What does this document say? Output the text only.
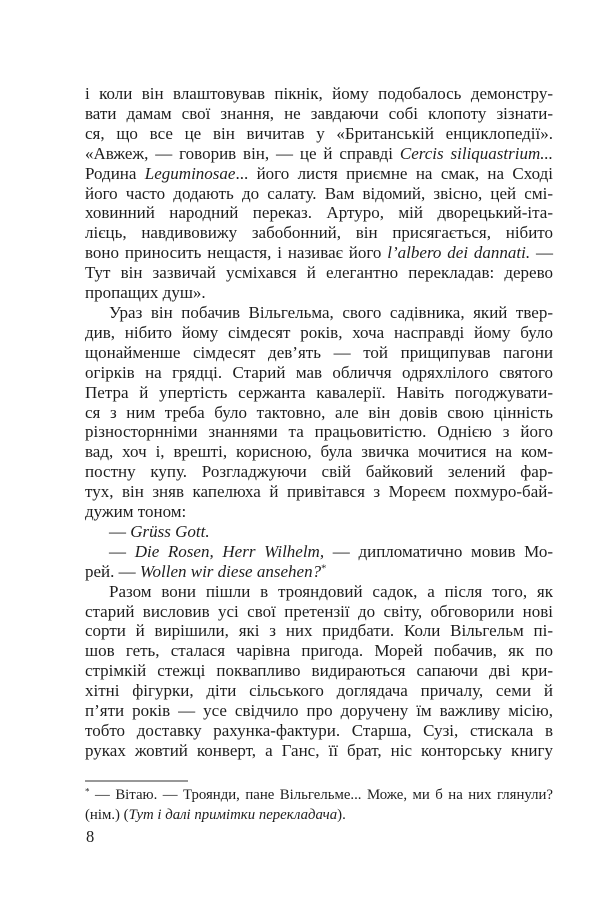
і коли він влаштовував пікнік, йому подобалось демонстру-
вати дамам свої знання, не завдаючи собі клопоту зізнати-
ся, що все це він вичитав у «Британській енциклопедії».
«Авжеж, — говорив він, — це й справді Cercis siliquastrium...
Родина Leguminosae... його листя приємне на смак, на Сході
його часто додають до салату. Вам відомий, звісно, цей смі-
ховинний народний переказ. Артуро, мій дворецький-іта-
лієць, навдивовижу забобонний, він присягається, нібито
воно приносить нещастя, і називає його l’albero dei dannati. —
Тут він зазвичай усміхався й елегантно перекладав: дерево
пропащих душ».
Ураз він побачив Вільгельма, свого садівника, який твер-
див, нібито йому сімдесят років, хоча насправді йому було
щонайменше сімдесят дев’ять — той прищипував пагони
огірків на грядці. Старий мав обличчя одряхлілого святого
Петра й упертість сержанта кавалерії. Навіть погоджувати-
ся з ним треба було тактовно, але він довів свою цінність
різносторнніми знаннями та працьовитістю. Однією з його
вад, хоч і, врешті, корисною, була звичка мочитися на ком-
постну купу. Розгладжуючи свій байковий зелений фар-
тух, він зняв капелюха й привітався з Мореєм похмуро-бай-
дужим тоном:
— Grüss Gott.
— Die Rosen, Herr Wilhelm, — дипломатично мовив Мо-
рей. — Wollen wir diese ansehen?*
Разом вони пішли в трояндовий садок, а після того, як
старий висловив усі свої претензії до світу, обговорили нові
сорти й вирішили, які з них придбати. Коли Вільгельм пі-
шов геть, сталася чарівна пригода. Морей побачив, як по
стрімкій стежці поквапливо видираються сапаючи дві кри-
хітні фігурки, діти сільського доглядача причалу, семи й
п’яти років — усе свідчило про доручену їм важливу місію,
тобто доставку рахунка-фактури. Старша, Сузі, стискала в
руках жовтий конверт, а Ганс, її брат, ніс конторську книгу
* — Вітаю. — Троянди, пане Вільгельме... Може, ми б на них глянули?
(нім.) (Тут і далі примітки перекладача).
8
